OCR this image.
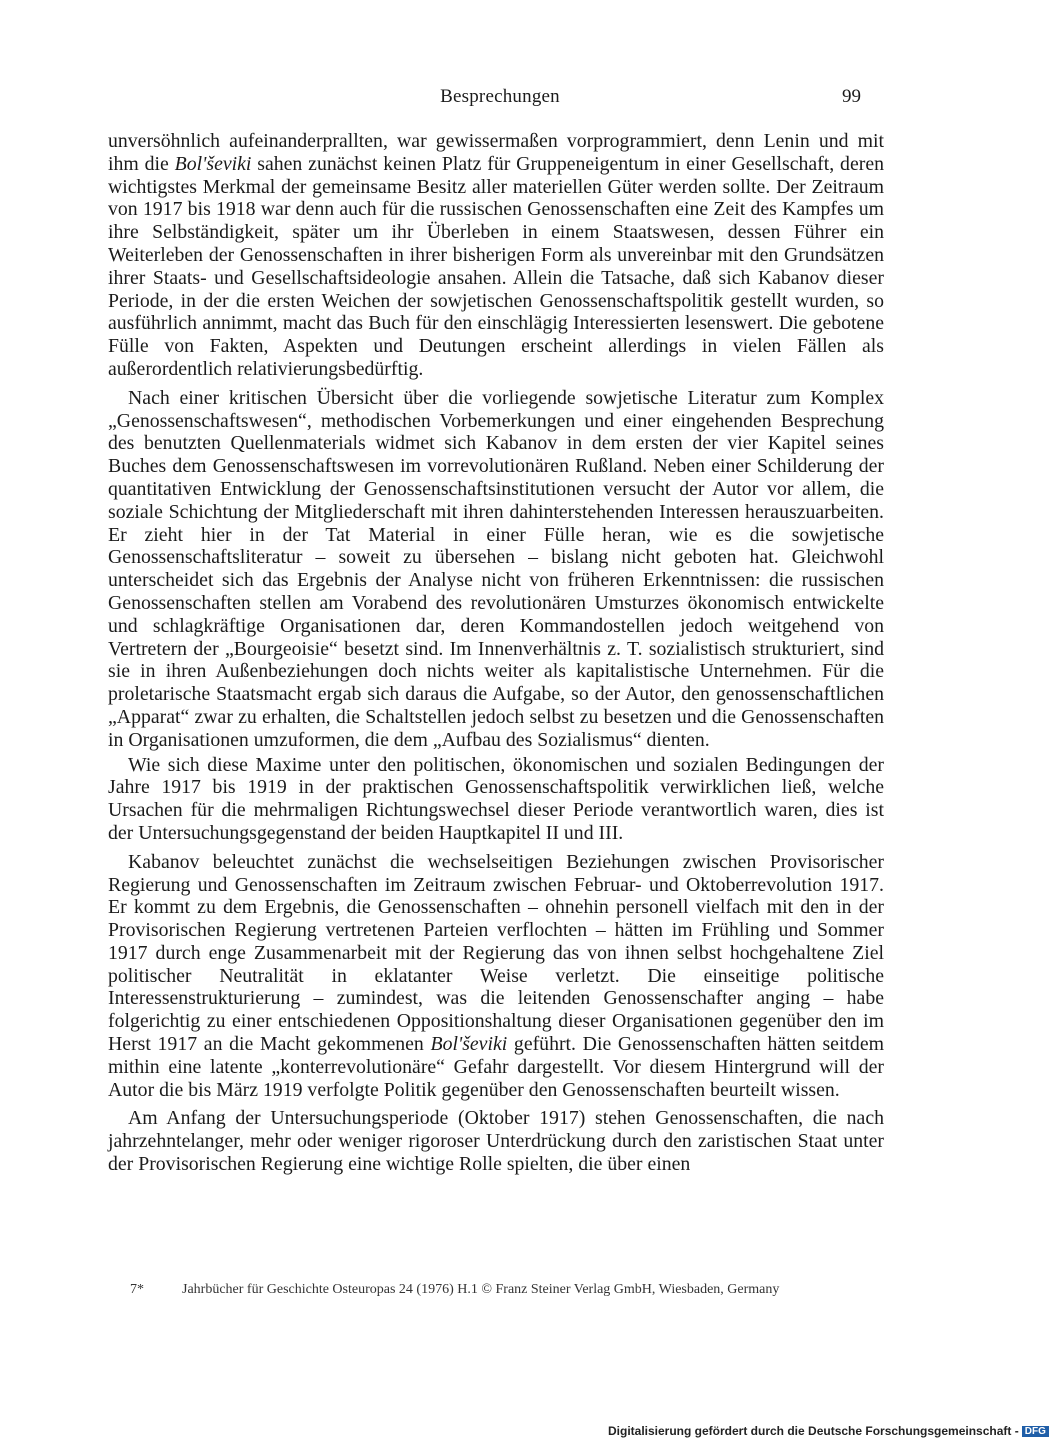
Besprechungen	99

unversöhnlich aufeinanderprallten, war gewissermaßen vorprogrammiert, denn Lenin und mit ihm die Bol'ševiki sahen zunächst keinen Platz für Gruppeneigentum in einer Gesellschaft, deren wichtigstes Merkmal der gemeinsame Besitz aller materiellen Güter werden sollte. Der Zeitraum von 1917 bis 1918 war denn auch für die russischen Genossenschaften eine Zeit des Kampfes um ihre Selbständigkeit, später um ihr Überleben in einem Staatswesen, dessen Führer ein Weiterleben der Genossenschaften in ihrer bisherigen Form als unvereinbar mit den Grundsätzen ihrer Staats- und Gesellschaftsideologie ansahen. Allein die Tatsache, daß sich Kabanov dieser Periode, in der die ersten Weichen der sowjetischen Genossenschaftspolitik gestellt wurden, so ausführlich annimmt, macht das Buch für den einschlägig Interessierten lesenswert. Die gebotene Fülle von Fakten, Aspekten und Deutungen erscheint allerdings in vielen Fällen als außerordentlich relativierungsbedürftig.

Nach einer kritischen Übersicht über die vorliegende sowjetische Literatur zum Komplex „Genossenschaftswesen“, methodischen Vorbemerkungen und einer eingehenden Besprechung des benutzten Quellenmaterials widmet sich Kabanov in dem ersten der vier Kapitel seines Buches dem Genossenschaftswesen im vorrevolutionären Rußland. Neben einer Schilderung der quantitativen Entwicklung der Genossenschaftsinstitutionen versucht der Autor vor allem, die soziale Schichtung der Mitgliederschaft mit ihren dahinterstehenden Interessen herauszuarbeiten. Er zieht hier in der Tat Material in einer Fülle heran, wie es die sowjetische Genossenschaftsliteratur – soweit zu übersehen – bislang nicht geboten hat. Gleichwohl unterscheidet sich das Ergebnis der Analyse nicht von früheren Erkenntnissen: die russischen Genossenschaften stellen am Vorabend des revolutionären Umsturzes ökonomisch entwickelte und schlagkräftige Organisationen dar, deren Kommandostellen jedoch weitgehend von Vertretern der „Bourgeoisie“ besetzt sind. Im Innenverhältnis z. T. sozialistisch strukturiert, sind sie in ihren Außenbeziehungen doch nichts weiter als kapitalistische Unternehmen. Für die proletarische Staatsmacht ergab sich daraus die Aufgabe, so der Autor, den genossenschaftlichen „Apparat“ zwar zu erhalten, die Schaltstellen jedoch selbst zu besetzen und die Genossenschaften in Organisationen umzuformen, die dem „Aufbau des Sozialismus“ dienten.

Wie sich diese Maxime unter den politischen, ökonomischen und sozialen Bedingungen der Jahre 1917 bis 1919 in der praktischen Genossenschaftspolitik verwirklichen ließ, welche Ursachen für die mehrmaligen Richtungswechsel dieser Periode verantwortlich waren, dies ist der Untersuchungsgegenstand der beiden Hauptkapitel II und III.

Kabanov beleuchtet zunächst die wechselseitigen Beziehungen zwischen Provisorischer Regierung und Genossenschaften im Zeitraum zwischen Februar- und Oktoberrevolution 1917. Er kommt zu dem Ergebnis, die Genossenschaften – ohnehin personell vielfach mit den in der Provisorischen Regierung vertretenen Parteien verflochten – hätten im Frühling und Sommer 1917 durch enge Zusammenarbeit mit der Regierung das von ihnen selbst hochgehaltene Ziel politischer Neutralität in eklatanter Weise verletzt. Die einseitige politische Interessenstrukturierung – zumindest, was die leitenden Genossenschafter anging – habe folgerichtig zu einer entschiedenen Oppositionshaltung dieser Organisationen gegenüber den im Herst 1917 an die Macht gekommenen Bol'ševiki geführt. Die Genossenschaften hätten seitdem mithin eine latente „konterrevolutionäre“ Gefahr dargestellt. Vor diesem Hintergrund will der Autor die bis März 1919 verfolgte Politik gegenüber den Genossenschaften beurteilt wissen.

Am Anfang der Untersuchungsperiode (Oktober 1917) stehen Genossenschaften, die nach jahrzehntelanger, mehr oder weniger rigoroser Unterdrückung durch den zaristischen Staat unter der Provisorischen Regierung eine wichtige Rolle spielten, die über einen

7*	Jahrbücher für Geschichte Osteuropas 24 (1976) H.1 © Franz Steiner Verlag GmbH, Wiesbaden, Germany
Digitalisierung gefördert durch die Deutsche Forschungsgemeinschaft - DFG
